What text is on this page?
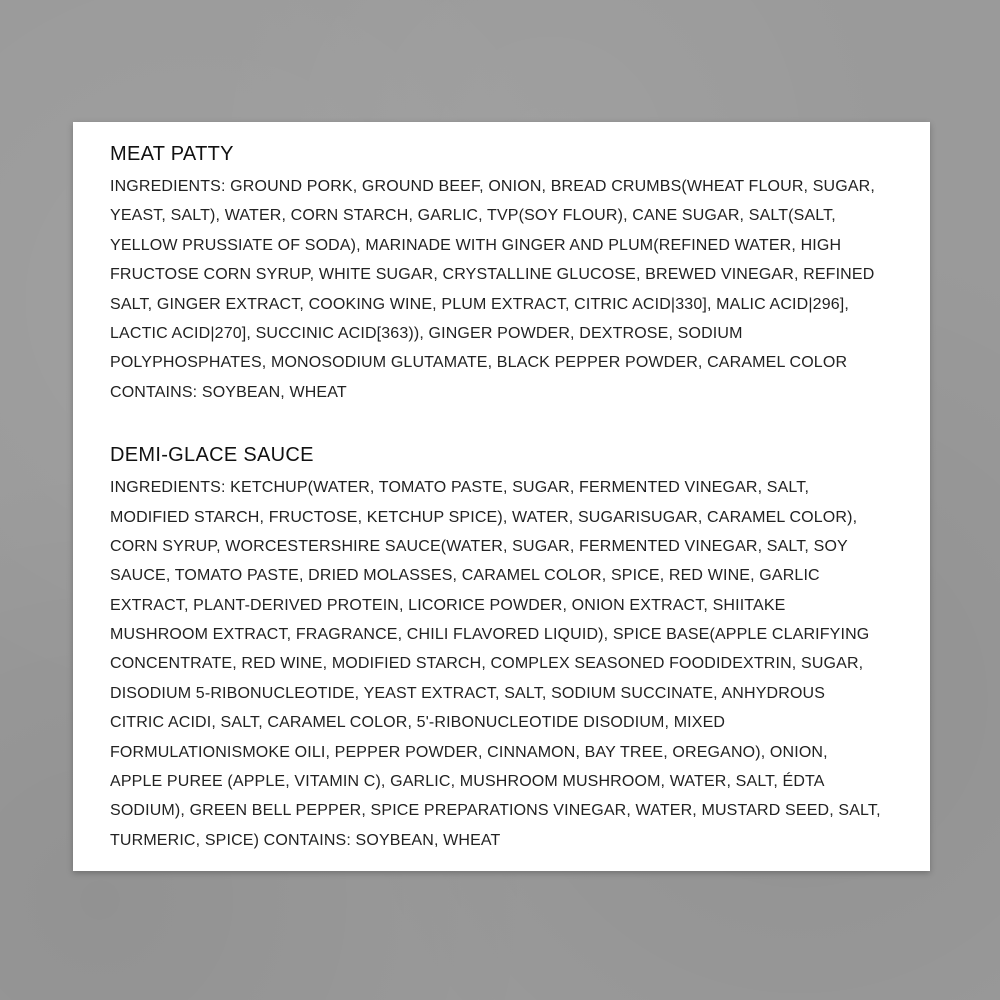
MEAT PATTY
INGREDIENTS: GROUND PORK, GROUND BEEF, ONION, BREAD CRUMBS(WHEAT FLOUR, SUGAR,
YEAST, SALT), WATER, CORN STARCH, GARLIC, TVP(SOY FLOUR), CANE SUGAR, SALT(SALT,
YELLOW PRUSSIATE OF SODA), MARINADE WITH GINGER AND PLUM(REFINED WATER, HIGH
FRUCTOSE CORN SYRUP, WHITE SUGAR, CRYSTALLINE GLUCOSE, BREWED VINEGAR, REFINED
SALT, GINGER EXTRACT, COOKING WINE, PLUM EXTRACT, CITRIC ACID|330], MALIC ACID|296],
LACTIC ACID|270], SUCCINIC ACID[363)), GINGER POWDER, DEXTROSE, SODIUM
POLYPHOSPHATES, MONOSODIUM GLUTAMATE, BLACK PEPPER POWDER, CARAMEL COLOR
CONTAINS: SOYBEAN, WHEAT
DEMI-GLACE SAUCE
INGREDIENTS: KETCHUP(WATER, TOMATO PASTE, SUGAR, FERMENTED VINEGAR, SALT,
MODIFIED STARCH, FRUCTOSE, KETCHUP SPICE), WATER, SUGARISUGAR, CARAMEL COLOR),
CORN SYRUP, WORCESTERSHIRE SAUCE(WATER, SUGAR, FERMENTED VINEGAR, SALT, SOY
SAUCE, TOMATO PASTE, DRIED MOLASSES, CARAMEL COLOR, SPICE, RED WINE, GARLIC
EXTRACT, PLANT-DERIVED PROTEIN, LICORICE POWDER, ONION EXTRACT, SHIITAKE
MUSHROOM EXTRACT, FRAGRANCE, CHILI FLAVORED LIQUID), SPICE BASE(APPLE CLARIFYING
CONCENTRATE, RED WINE, MODIFIED STARCH, COMPLEX SEASONED FOODIDEXTRIN, SUGAR,
DISODIUM 5-RIBONUCLEOTIDE, YEAST EXTRACT, SALT, SODIUM SUCCINATE, ANHYDROUS
CITRIC ACIDI, SALT, CARAMEL COLOR, 5'-RIBONUCLEOTIDE DISODIUM, MIXED
FORMULATIONISMOKE OILI, PEPPER POWDER, CINNAMON, BAY TREE, OREGANO), ONION,
APPLE PUREE (APPLE, VITAMIN C), GARLIC, MUSHROOM MUSHROOM, WATER, SALT, ÉDTA
SODIUM), GREEN BELL PEPPER, SPICE PREPARATIONS VINEGAR, WATER, MUSTARD SEED, SALT,
TURMERIC, SPICE) CONTAINS: SOYBEAN, WHEAT
